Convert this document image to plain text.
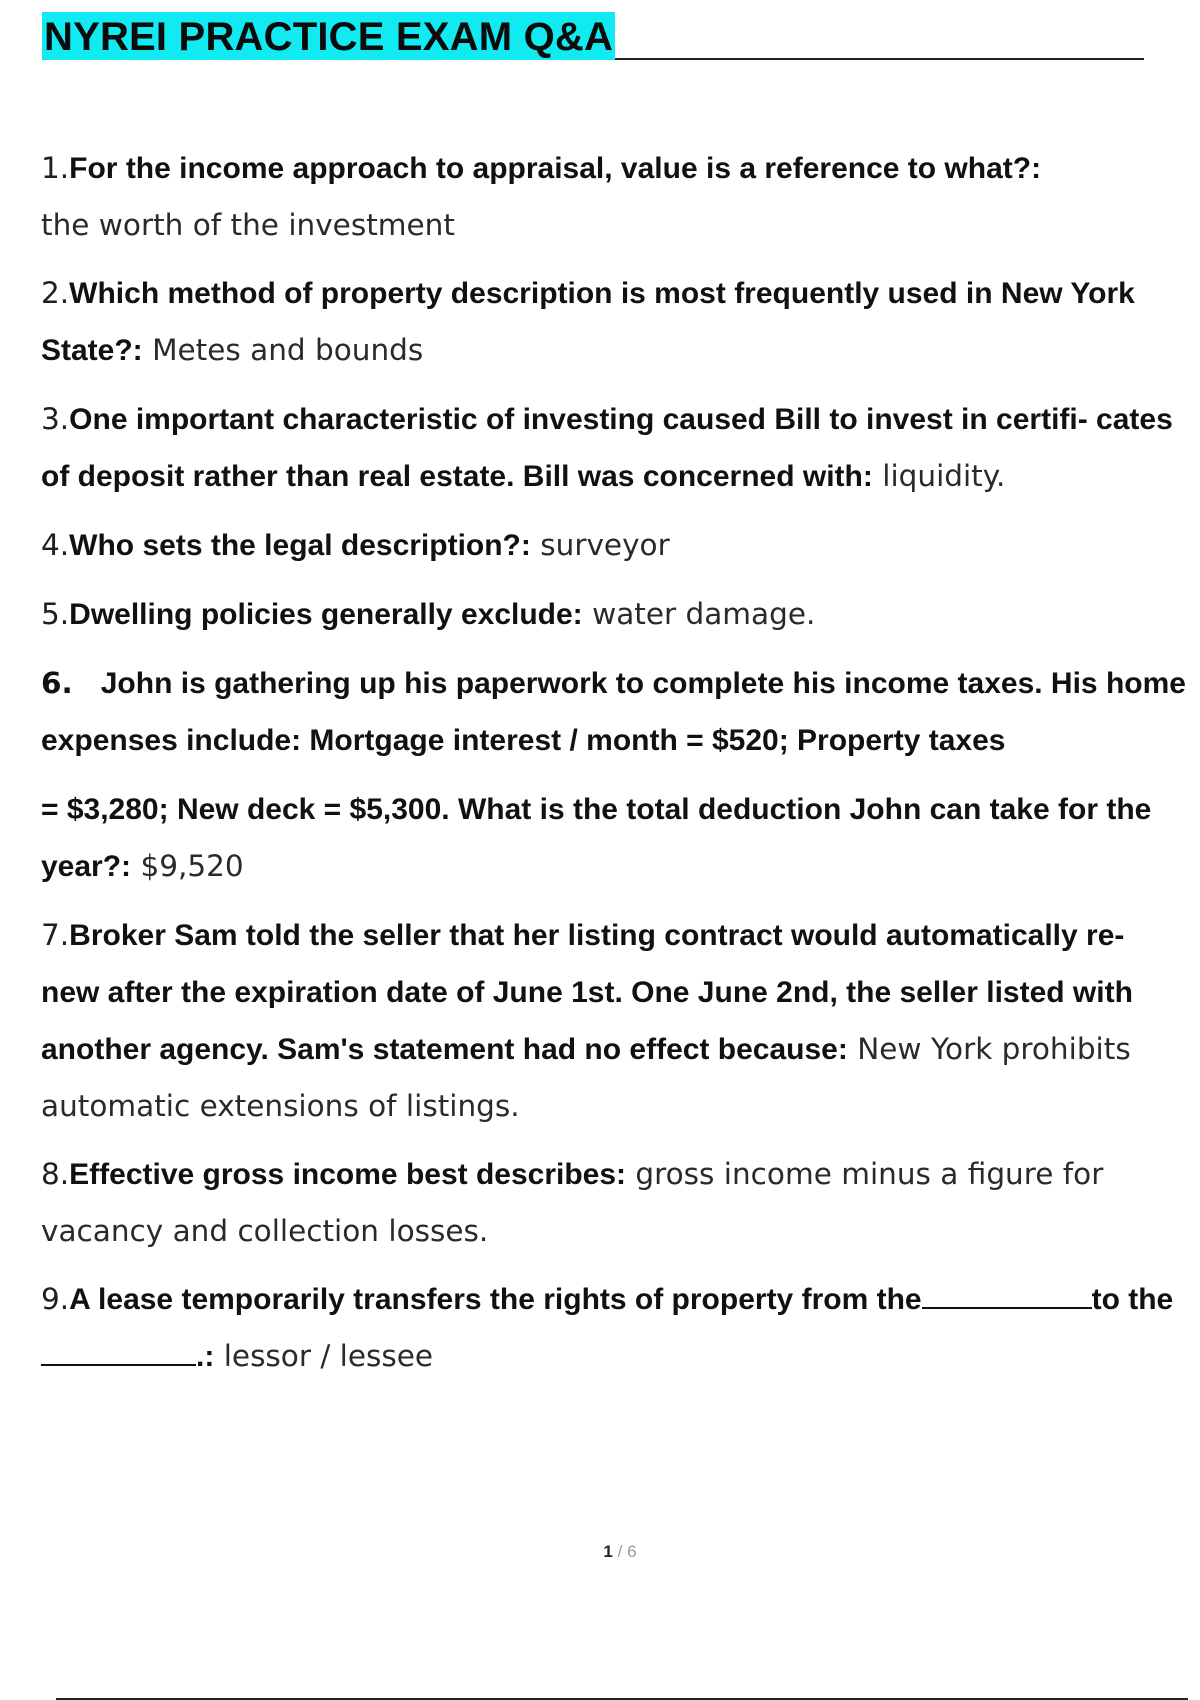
NYREI PRACTICE EXAM Q&A
1.For the income approach to appraisal, value is a reference to what?:
the worth of the investment
2.Which method of property description is most frequently used in New York State?: Metes and bounds
3.One important characteristic of investing caused Bill to invest in certifi- cates of deposit rather than real estate. Bill was concerned with: liquidity.
4.Who sets the legal description?: surveyor
5.Dwelling policies generally exclude: water damage.
6. John is gathering up his paperwork to complete his income taxes. His home expenses include: Mortgage interest / month = $520; Property taxes
= $3,280; New deck = $5,300. What is the total deduction John can take for the year?: $9,520
7.Broker Sam told the seller that her listing contract would automatically re- new after the expiration date of June 1st. One June 2nd, the seller listed with another agency. Sam's statement had no effect because: New York prohibits automatic extensions of listings.
8.Effective gross income best describes: gross income minus a figure for vacancy and collection losses.
9.A lease temporarily transfers the rights of property from the	to the.: lessor / lessee
1 / 6
